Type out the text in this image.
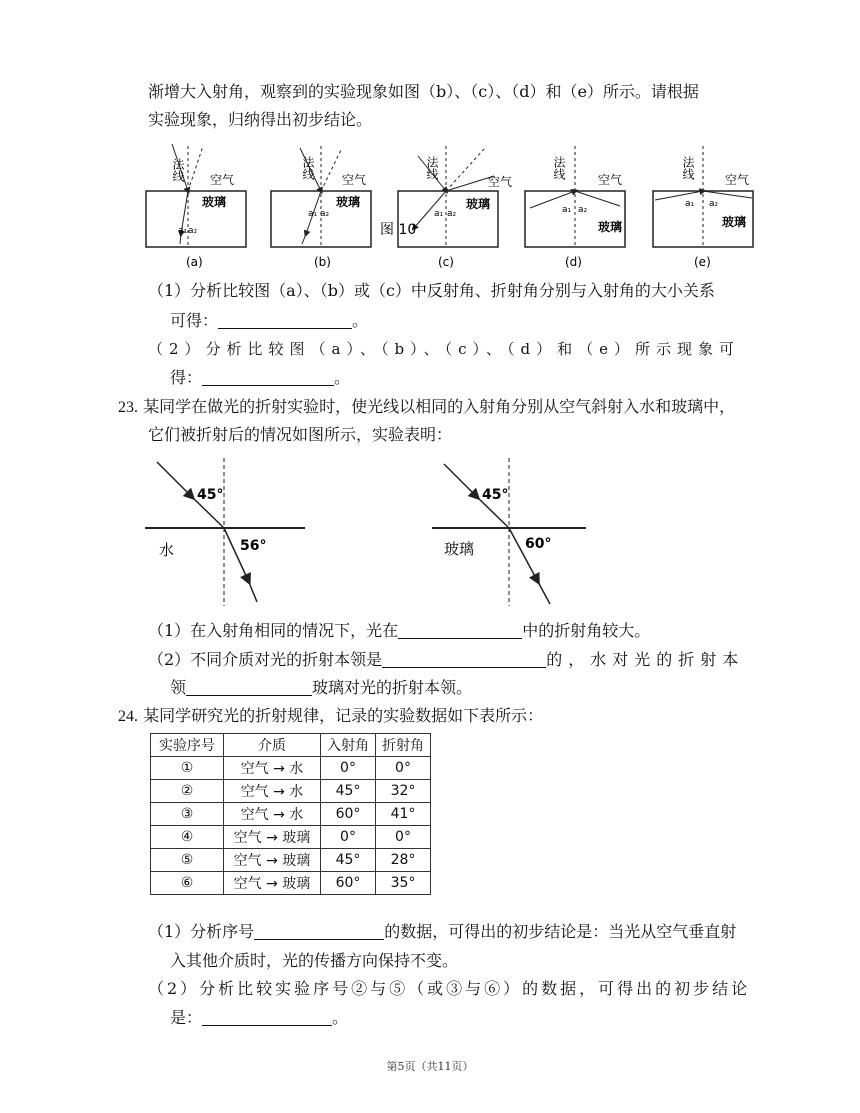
渐增大入射角，观察到的实验现象如图（b）、（c）、（d）和（e）所示。请根据
实验现象，归纳得出初步结论。
法线 空气
玻璃
a₁ a₂
(a)
法线 空气
玻璃
a₁ a₂
(b)
法线
空气
玻璃
a₁ a₂
图 10
(c)
法线	空气
玻璃
a₁ a₂
(d)
法线	空气
玻璃
a₁ a₂
(e)
（1）分析比较图（a）、（b）或（c）中反射角、折射角分别与入射角的大小关系
可得：	。
（2）分析比较图（a）、（b）、（c）、（d）和（e）所示现象可
得：	。
23. 某同学在做光的折射实验时，使光线以相同的入射角分别从空气斜射入水和玻璃中，
它们被折射后的情况如图所示，实验表明：
45°
56°
水
45°
60°
玻璃
（1）在入射角相同的情况下，光在	中的折射角较大。
（2）不同介质对光的折射本领是	的，水对光的折射本
领	玻璃对光的折射本领。
24. 某同学研究光的折射规律，记录的实验数据如下表所示：
实验序号	介质	入射角	折射角
①	空气 → 水	0°	0°
②	空气 → 水	45°	32°
③	空气 → 水	60°	41°
④	空气 → 玻璃	0°	0°
⑤	空气 → 玻璃	45°	28°
⑥	空气 → 玻璃	60°	35°
（1）分析序号	的数据，可得出的初步结论是：当光从空气垂直射
入其他介质时，光的传播方向保持不变。
（2）分析比较实验序号②与⑤（或③与⑥）的数据，可得出的初步结论
是：	。
第5页（共11页）
